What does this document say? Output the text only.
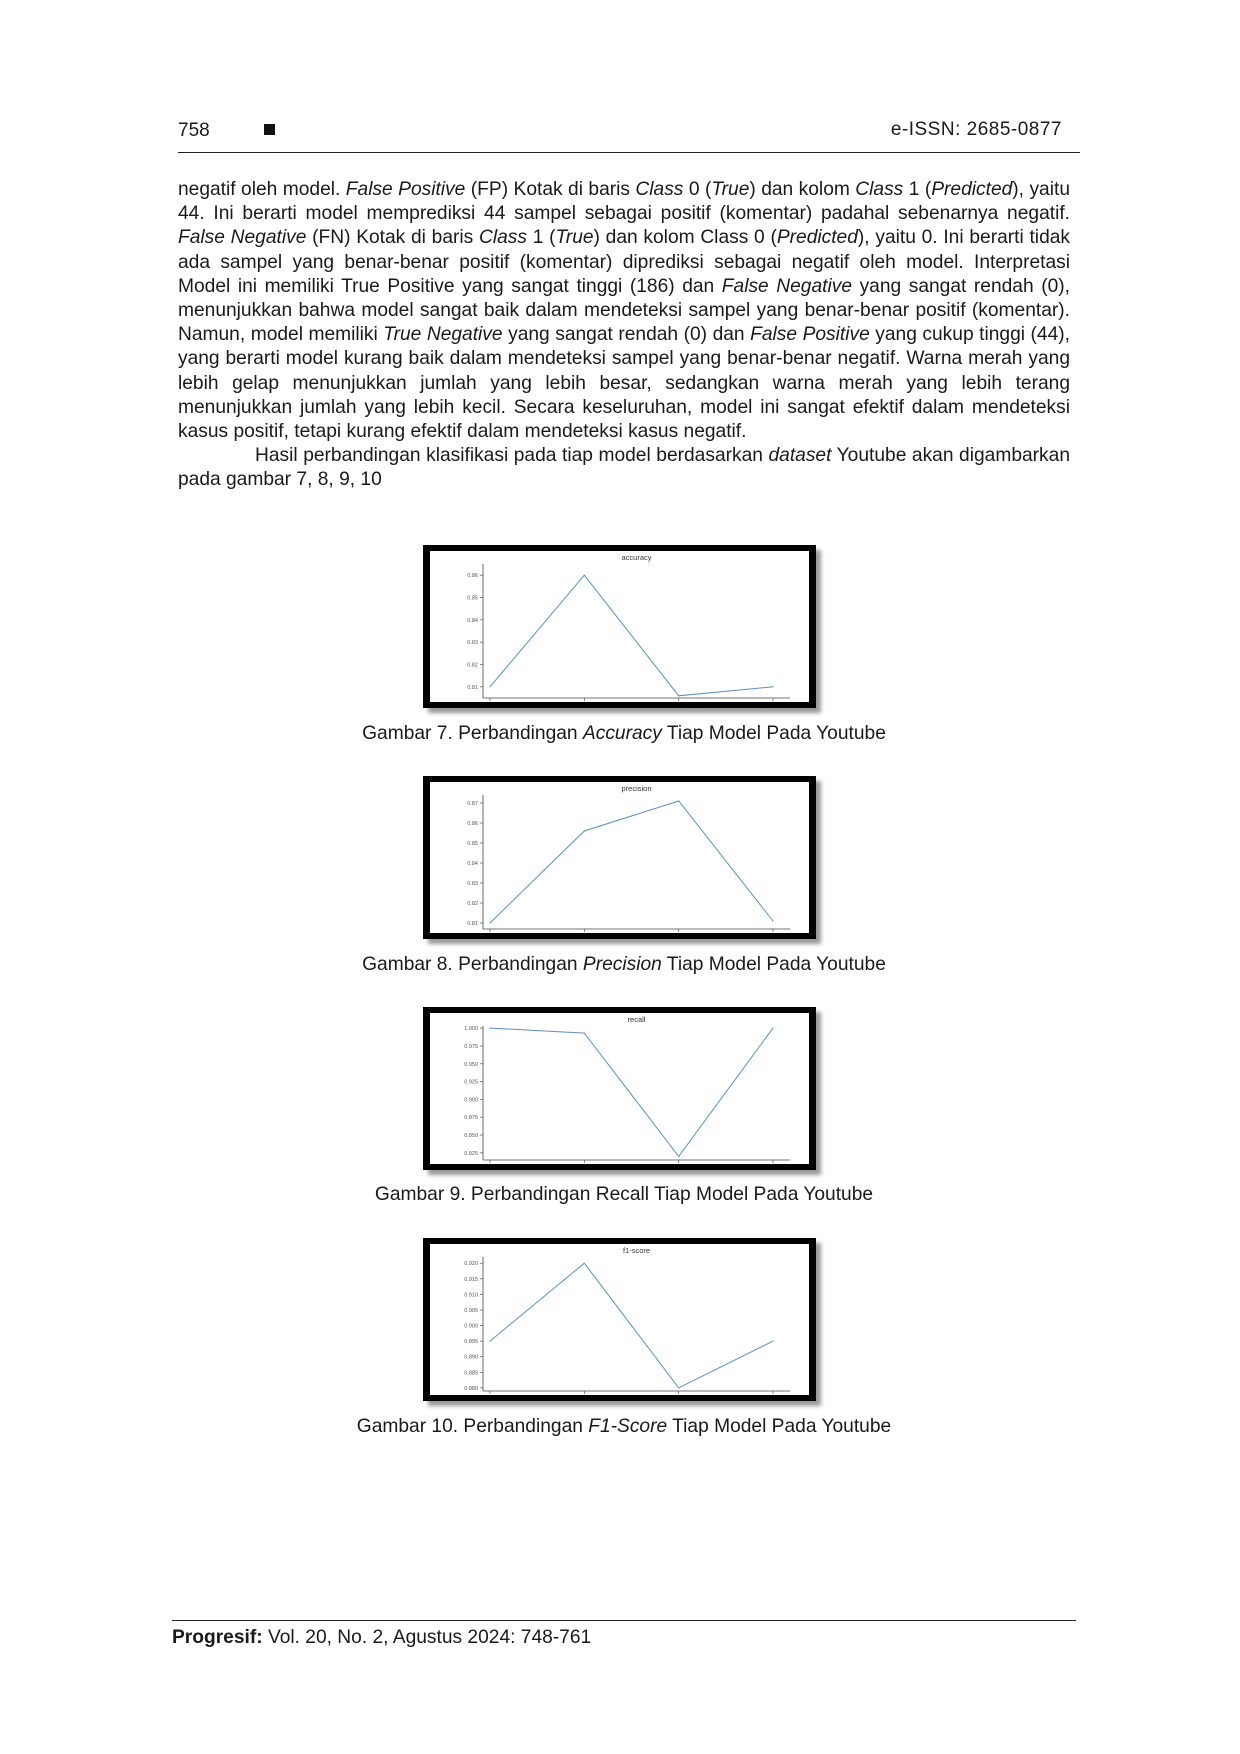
758	e-ISSN: 2685-0877

negatif oleh model. False Positive (FP) Kotak di baris Class 0 (True) dan kolom Class 1 (Predicted), yaitu 44. Ini berarti model memprediksi 44 sampel sebagai positif (komentar) padahal sebenarnya negatif. False Negative (FN) Kotak di baris Class 1 (True) dan kolom Class 0 (Predicted), yaitu 0. Ini berarti tidak ada sampel yang benar-benar positif (komentar) diprediksi sebagai negatif oleh model. Interpretasi Model ini memiliki True Positive yang sangat tinggi (186) dan False Negative yang sangat rendah (0), menunjukkan bahwa model sangat baik dalam mendeteksi sampel yang benar-benar positif (komentar). Namun, model memiliki True Negative yang sangat rendah (0) dan False Positive yang cukup tinggi (44), yang berarti model kurang baik dalam mendeteksi sampel yang benar-benar negatif. Warna merah yang lebih gelap menunjukkan jumlah yang lebih besar, sedangkan warna merah yang lebih terang menunjukkan jumlah yang lebih kecil. Secara keseluruhan, model ini sangat efektif dalam mendeteksi kasus positif, tetapi kurang efektif dalam mendeteksi kasus negatif.

Hasil perbandingan klasifikasi pada tiap model berdasarkan dataset Youtube akan digambarkan pada gambar 7, 8, 9, 10

accuracy
0.81
0.82
0.83
0.84
0.85
0.86
Gambar 7. Perbandingan Accuracy Tiap Model Pada Youtube
precision
0.81
0.82
0.83
0.84
0.85
0.86
0.87
Gambar 8. Perbandingan Precision Tiap Model Pada Youtube
recall
0.825
0.850
0.875
0.900
0.925
0.950
0.975
1.000
Gambar 9. Perbandingan Recall Tiap Model Pada Youtube
f1-score
0.880
0.885
0.890
0.895
0.900
0.905
0.910
0.915
0.920
Gambar 10. Perbandingan F1-Score Tiap Model Pada Youtube
Progresif: Vol. 20, No. 2, Agustus 2024: 748-761
